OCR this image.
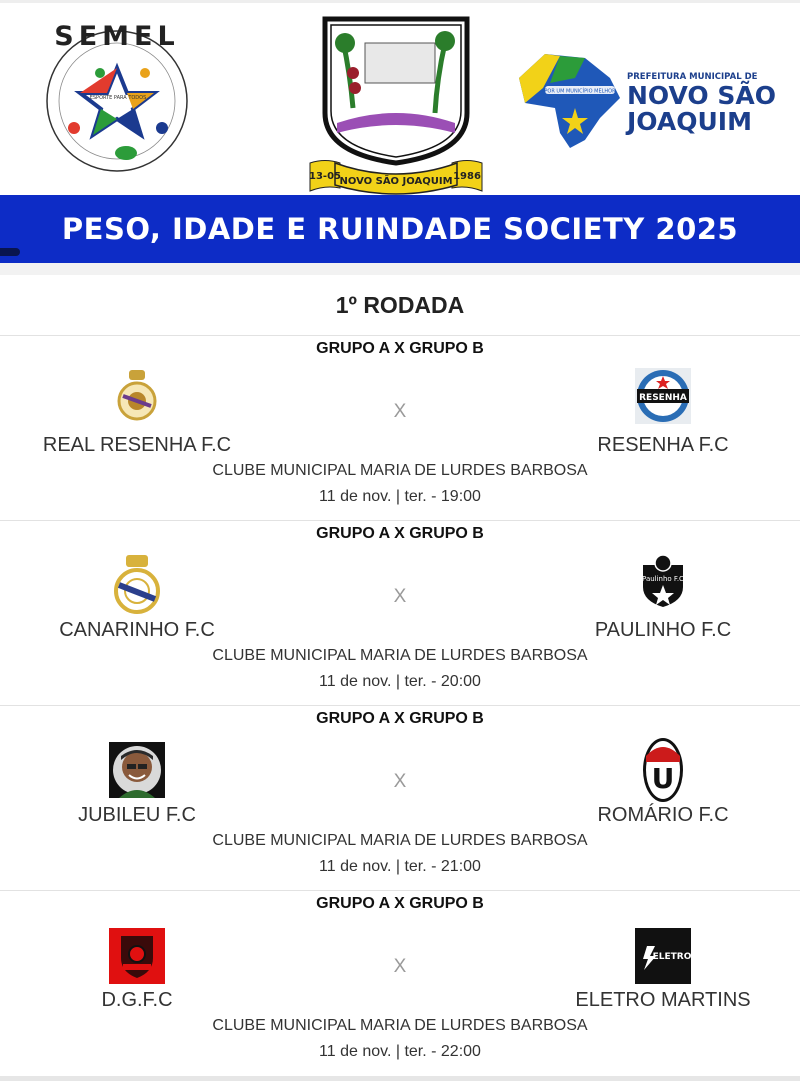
SEMEL
ESPORTE PARA TODOS
13-05
NOVO SÃO JOAQUIM 1986
POR UM MUNICÍPIO MELHOR
PREFEITURA MUNICIPAL DE
NOVO SÃO
JOAQUIM
PESO, IDADE E RUINDADE SOCIETY 2025
1º RODADA
GRUPO A X GRUPO B
X
RESENHA
REAL RESENHA F.C	RESENHA F.C
CLUBE MUNICIPAL MARIA DE LURDES BARBOSA
11 de nov. | ter. - 19:00
GRUPO A X GRUPO B
X
Paulinho F.C
CANARINHO F.C	PAULINHO F.C
CLUBE MUNICIPAL MARIA DE LURDES BARBOSA
11 de nov. | ter. - 20:00
GRUPO A X GRUPO B
X	U
JUBILEU F.C	ROMÁRIO F.C
CLUBE MUNICIPAL MARIA DE LURDES BARBOSA
11 de nov. | ter. - 21:00
GRUPO A X GRUPO B
X	ELETRO
D.G.F.C	ELETRO MARTINS
CLUBE MUNICIPAL MARIA DE LURDES BARBOSA
11 de nov. | ter. - 22:00
